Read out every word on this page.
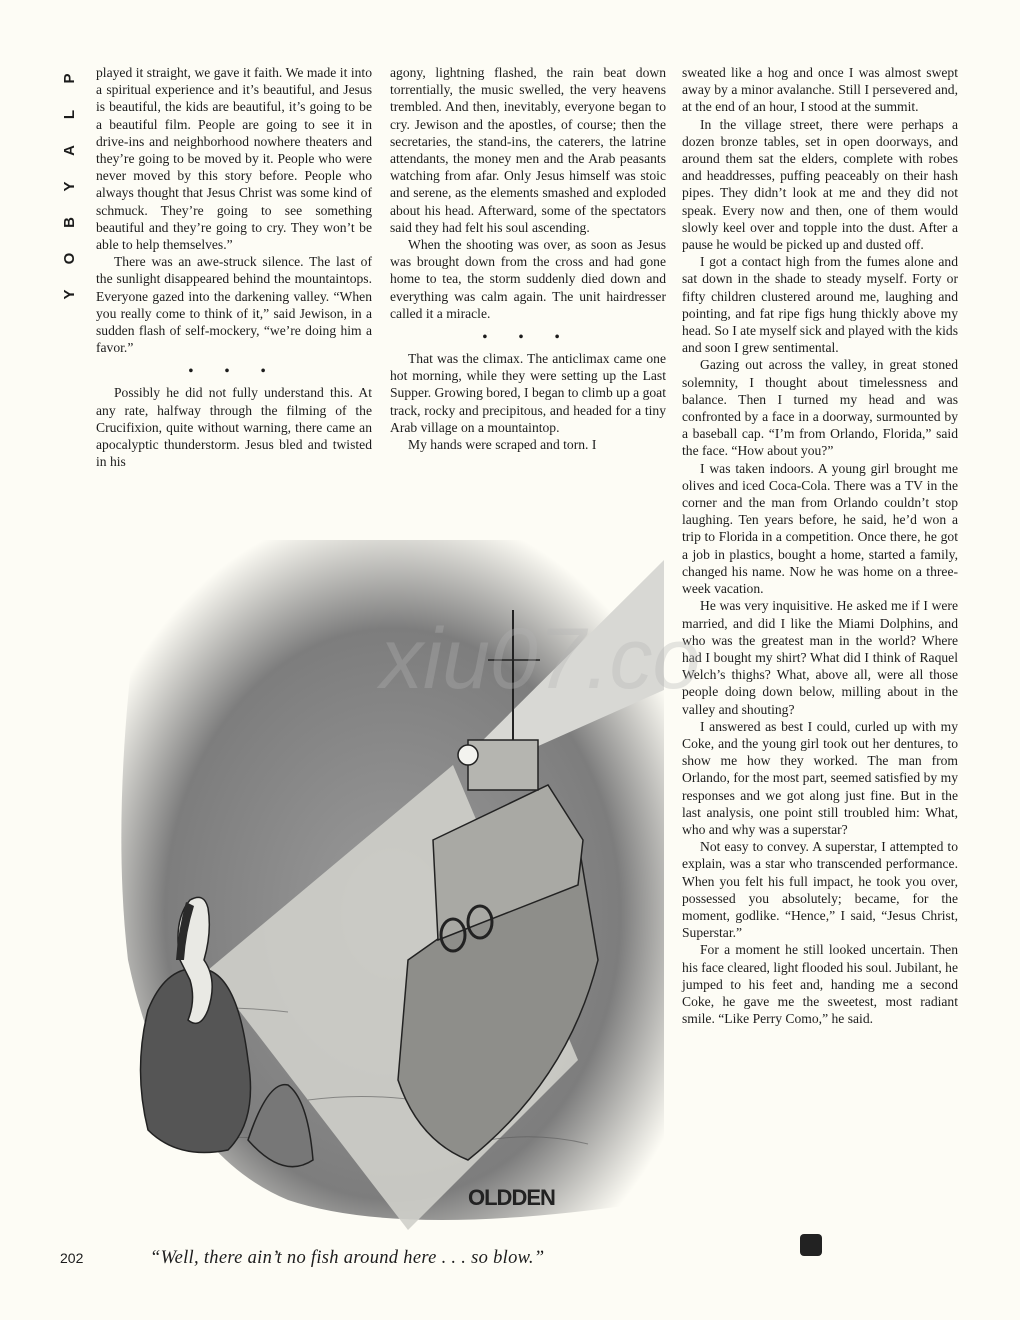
P
L
A
Y
B
O
Y

played it straight, we gave it faith. We made it into a spiritual experience and it’s beautiful, and Jesus is beautiful, the kids are beautiful, it’s going to be a beautiful film. People are going to see it in drive-ins and neighborhood nowhere theaters and they’re going to be moved by it. People who were never moved by this story before. People who always thought that Jesus Christ was some kind of schmuck. They’re going to see something beautiful and they’re going to cry. They won’t be able to help themselves.”

There was an awe-struck silence. The last of the sunlight disappeared behind the mountaintops. Everyone gazed into the darkening valley. “When you really come to think of it,” said Jewison, in a sudden flash of self-mockery, “we’re doing him a favor.”

• • •

Possibly he did not fully understand this. At any rate, halfway through the filming of the Crucifixion, quite without warning, there came an apocalyptic thunderstorm. Jesus bled and twisted in his

agony, lightning flashed, the rain beat down torrentially, the music swelled, the very heavens trembled. And then, inevitably, everyone began to cry. Jewison and the apostles, of course; then the secretaries, the stand-ins, the caterers, the latrine attendants, the money men and the Arab peasants watching from afar. Only Jesus himself was stoic and serene, as the elements smashed and exploded about his head. Afterward, some of the spectators said they had felt his soul ascending.

When the shooting was over, as soon as Jesus was brought down from the cross and had gone home to tea, the storm suddenly died down and everything was calm again. The unit hairdresser called it a miracle.

• • •

That was the climax. The anticlimax came one hot morning, while they were setting up the Last Supper. Growing bored, I began to climb up a goat track, rocky and precipitous, and headed for a tiny Arab village on a mountaintop.

My hands were scraped and torn. I

sweated like a hog and once I was almost swept away by a minor avalanche. Still I persevered and, at the end of an hour, I stood at the summit.

In the village street, there were perhaps a dozen bronze tables, set in open doorways, and around them sat the elders, complete with robes and headdresses, puffing peaceably on their hash pipes. They didn’t look at me and they did not speak. Every now and then, one of them would slowly keel over and topple into the dust. After a pause he would be picked up and dusted off.

I got a contact high from the fumes alone and sat down in the shade to steady myself. Forty or fifty children clustered around me, laughing and pointing, and fat ripe figs hung thickly above my head. So I ate myself sick and played with the kids and soon I grew sentimental.

Gazing out across the valley, in great stoned solemnity, I thought about timelessness and balance. Then I turned my head and was confronted by a face in a doorway, surmounted by a baseball cap. “I’m from Orlando, Florida,” said the face. “How about you?”

I was taken indoors. A young girl brought me olives and iced Coca-Cola. There was a TV in the corner and the man from Orlando couldn’t stop laughing. Ten years before, he said, he’d won a trip to Florida in a competition. Once there, he got a job in plastics, bought a home, started a family, changed his name. Now he was home on a three-week vacation.

He was very inquisitive. He asked me if I were married, and did I like the Miami Dolphins, and who was the greatest man in the world? Where had I bought my shirt? What did I think of Raquel Welch’s thighs? What, above all, were all those people doing down below, milling about in the valley and shouting?

I answered as best I could, curled up with my Coke, and the young girl took out her dentures, to show me how they worked. The man from Orlando, for the most part, seemed satisfied by my responses and we got along just fine. But in the last analysis, one point still troubled him: What, who and why was a superstar?

Not easy to convey. A superstar, I attempted to explain, was a star who transcended performance. When you felt his full impact, he took you over, possessed you absolutely; became, for the moment, godlike. “Hence,” I said, “Jesus Christ, Superstar.”

For a moment he still looked uncertain. Then his face cleared, light flooded his soul. Jubilant, he jumped to his feet and, handing me a second Coke, he gave me the sweetest, most radiant smile. “Like Perry Como,” he said.

OLDDEN
xiu07.co
202	“Well, there ain’t no fish around here . . . so blow.”
